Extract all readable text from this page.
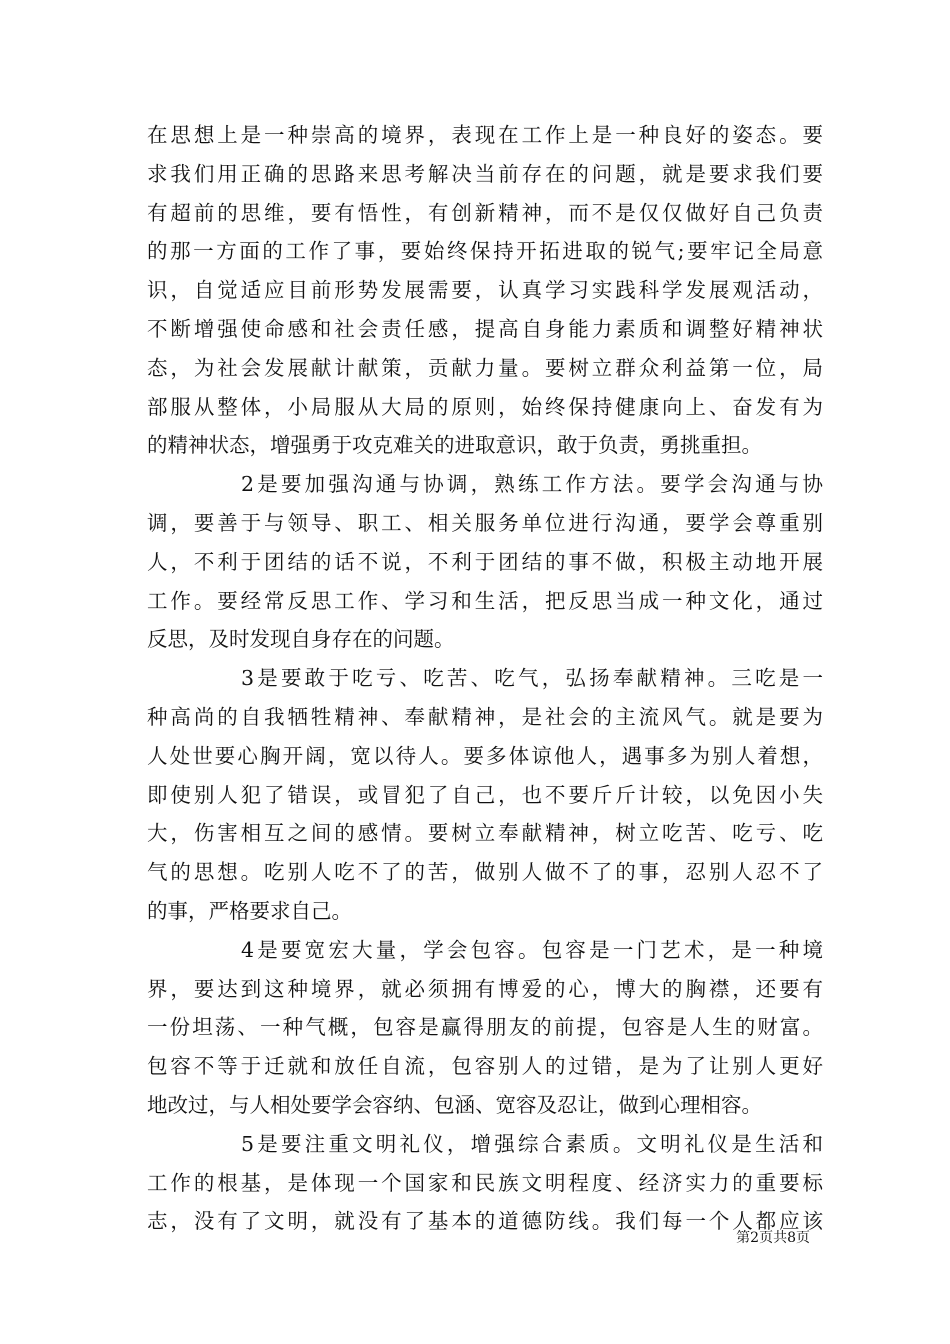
在思想上是一种崇高的境界，表现在工作上是一种良好的姿态。要
求我们用正确的思路来思考解决当前存在的问题，就是要求我们要
有超前的思维，要有悟性，有创新精神，而不是仅仅做好自己负责
的那一方面的工作了事，要始终保持开拓进取的锐气;要牢记全局意
识，自觉适应目前形势发展需要，认真学习实践科学发展观活动，
不断增强使命感和社会责任感，提高自身能力素质和调整好精神状
态，为社会发展献计献策，贡献力量。要树立群众利益第一位，局
部服从整体，小局服从大局的原则，始终保持健康向上、奋发有为
的精神状态，增强勇于攻克难关的进取意识，敢于负责，勇挑重担。
2是要加强沟通与协调，熟练工作方法。要学会沟通与协
调，要善于与领导、职工、相关服务单位进行沟通，要学会尊重别
人，不利于团结的话不说，不利于团结的事不做，积极主动地开展
工作。要经常反思工作、学习和生活，把反思当成一种文化，通过
反思，及时发现自身存在的问题。
3是要敢于吃亏、吃苦、吃气，弘扬奉献精神。三吃是一
种高尚的自我牺牲精神、奉献精神，是社会的主流风气。就是要为
人处世要心胸开阔，宽以待人。要多体谅他人，遇事多为别人着想，
即使别人犯了错误，或冒犯了自己，也不要斤斤计较，以免因小失
大，伤害相互之间的感情。要树立奉献精神，树立吃苦、吃亏、吃
气的思想。吃别人吃不了的苦，做别人做不了的事，忍别人忍不了
的事，严格要求自己。
4是要宽宏大量，学会包容。包容是一门艺术，是一种境
界，要达到这种境界，就必须拥有博爱的心，博大的胸襟，还要有
一份坦荡、一种气概，包容是赢得朋友的前提，包容是人生的财富。
包容不等于迁就和放任自流，包容别人的过错，是为了让别人更好
地改过，与人相处要学会容纳、包涵、宽容及忍让，做到心理相容。
5是要注重文明礼仪，增强综合素质。文明礼仪是生活和
工作的根基，是体现一个国家和民族文明程度、经济实力的重要标
志，没有了文明，就没有了基本的道德防线。我们每一个人都应该
第2页共8页
